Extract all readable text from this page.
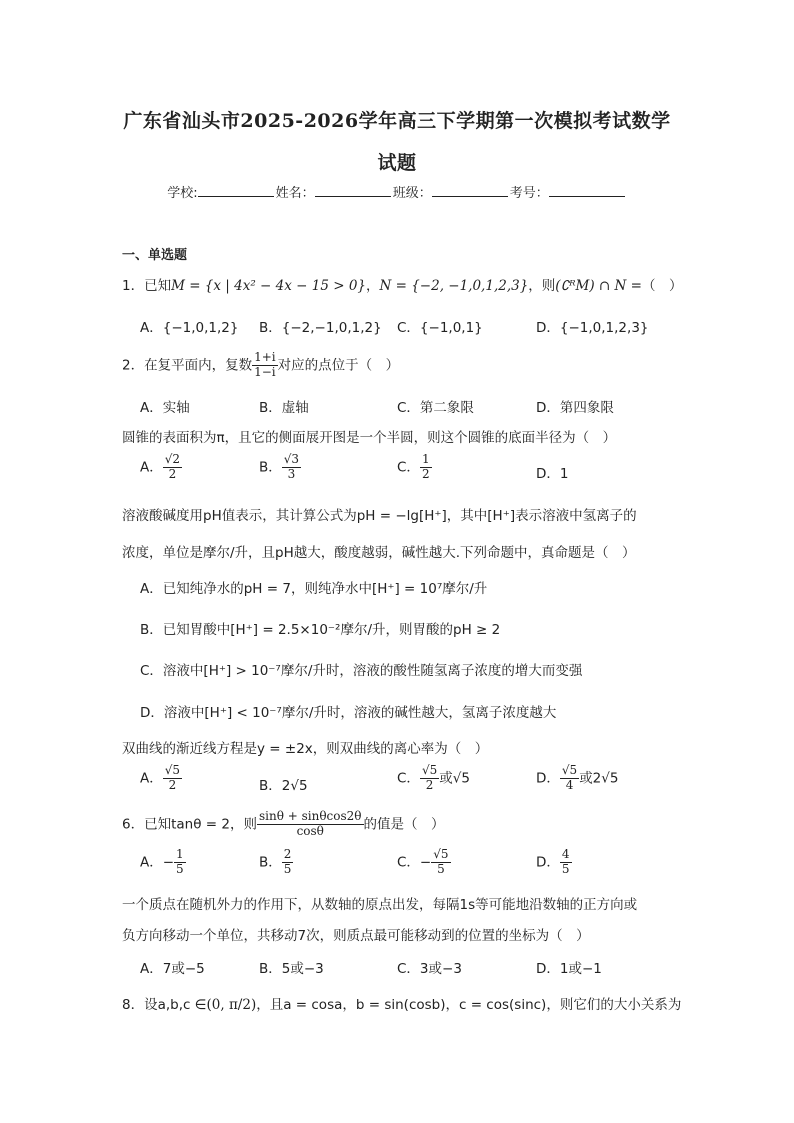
广东省汕头市2025-2026学年高三下学期第一次模拟考试数学
试题
学校:	姓名：	班级：	考号：
一、单选题
1．已知M = {x | 4x² − 4x − 15 > 0}，N = {−2, −1,0,1,2,3}，则(∁ᴿM) ∩ N =（　）
A．{−1,0,1,2} B．{−2,−1,0,1,2} C．{−1,0,1}	D．{−1,0,1,2,3}
2．在复平面内，复数 $\frac{1+i}{1-i}$ 对应的点位于（　）
A．实轴	B．虚轴	C．第二象限	D．第四象限
圆锥的表面积为π，且它的侧面展开图是一个半圆，则这个圆锥的底面半径为（　）
A． $\frac{√2}{2}$	B． $\frac{√3}{3}$	C． $\frac{1}{2}$	D．1
溶液酸碱度用pH值表示，其计算公式为pH = −lg[H⁺]，其中[H⁺]表示溶液中氢离子的
浓度，单位是摩尔/升，且pH越大，酸度越弱，碱性越大.下列命题中，真命题是（　）
A．已知纯净水的pH = 7，则纯净水中[H⁺] = 10⁷摩尔/升
B．已知胃酸中[H⁺] = 2.5×10⁻²摩尔/升，则胃酸的pH ≥ 2
C．溶液中[H⁺] > 10⁻⁷摩尔/升时，溶液的酸性随氢离子浓度的增大而变强
D．溶液中[H⁺] < 10⁻⁷摩尔/升时，溶液的碱性越大，氢离子浓度越大
双曲线的渐近线方程是y = ±2x，则双曲线的离心率为（　）
A． $\frac{√5}{2}$	B．2√5	C． $\frac{√5}{2}$ 或√5	D． $\frac{√5}{4}$ 或2√5
6．已知tanθ = 2，则 $\frac{\sin\theta + \sin\theta\cos 2\theta}{\cos\theta}$ 的值是（　）
A．− $\frac{1}{5}$	B． $\frac{2}{5}$	C．− $\frac{√5}{5}$	D． $\frac{4}{5}$
一个质点在随机外力的作用下，从数轴的原点出发，每隔1s等可能地沿数轴的正方向或
负方向移动一个单位，共移动7次，则质点最可能移动到的位置的坐标为（　）
A．7或−5	B．5或−3	C．3或−3	D．1或−1
8．设a,b,c ∈(0, π/2)，且a = cosa，b = sin(cosb)，c = cos(sinc)，则它们的大小关系为
